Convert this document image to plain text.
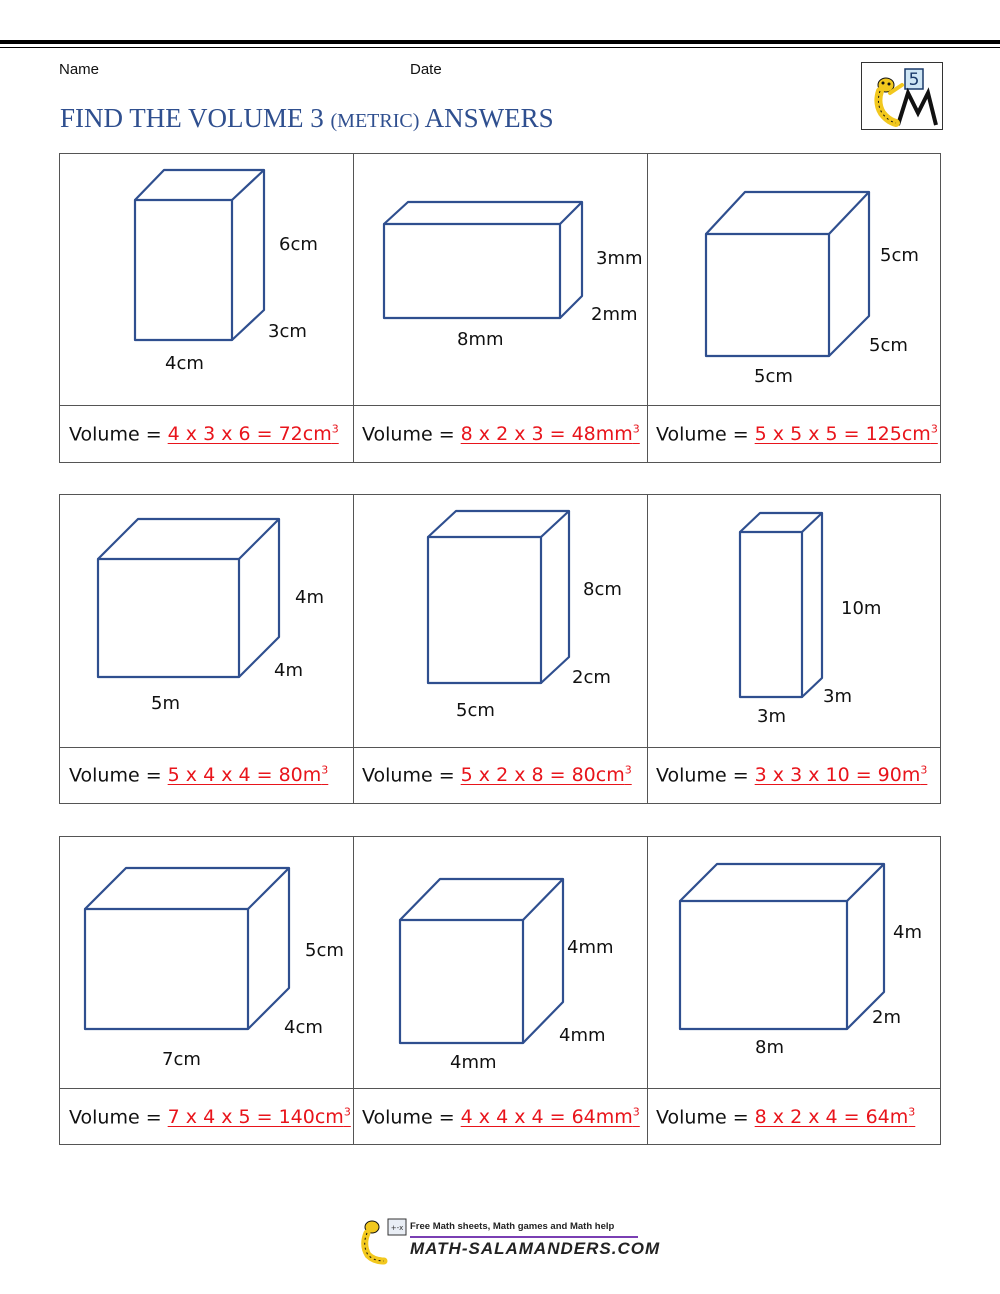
Name	Date
FIND THE VOLUME 3 (METRIC) ANSWERS
5
6cm
3cm
4cm
3mm
2mm
8mm
5cm
5cm
5cm
Volume = 4 x 3 x $6 = 72cm^3$ Volume = 8 x 2 x $3 = 48mm^3$ Volume = 5 x 5 x $5 = 125cm^3$
4m
4m
5m
8cm
2cm
5cm
10m
3m
3m
Volume = 5 x 4 x $4 = 80m^3$ Volume = 5 x 2 x $8 = 80cm^3$ Volume = 3 x 3 x $10 = 90m^3$
5cm
4cm
7cm
4mm
4mm
4mm
4m
2m
8m
Volume = 7 x 4 x $5 = 140cm^3$ Volume = 4 x 4 x $4 = 64mm^3$ Volume = 8 x 2 x $4 = 64m^3$
+-x Free Math sheets, Math games and Math help
MATH-SALAMANDERS.COM
